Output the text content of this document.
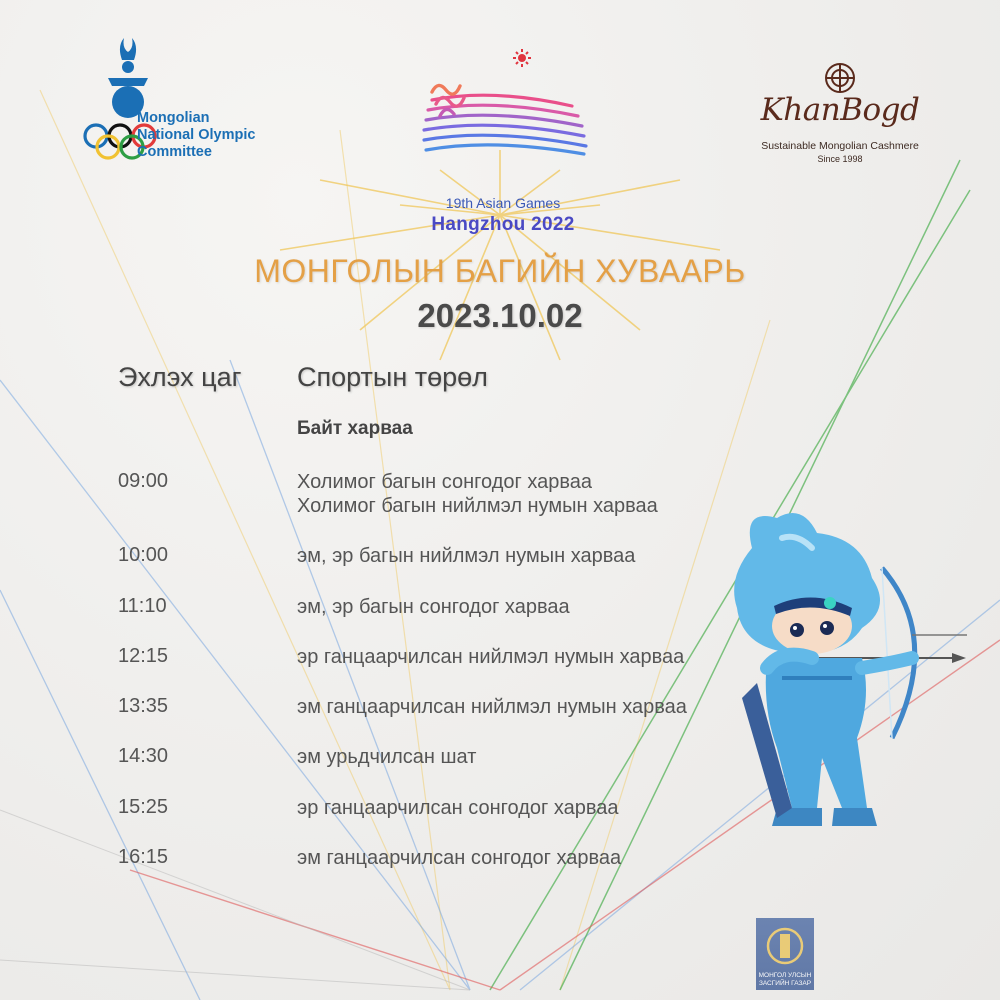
Mongolian
National Olympic
Committee
19th Asian Games
Hangzhou 2022
KhanBogd
Sustainable Mongolian Cashmere
Since 1998
МОНГОЛЫН БАГИЙН ХУВААРЬ
2023.10.02
Эхлэх цаг Спортын төрөл
Байт харваа
09:00	Холимог багын сонгодог харваа
Холимог багын нийлмэл нумын харваа
10:00	эм, эр багын нийлмэл нумын харваа
11:10	эм, эр багын сонгодог харваа
12:15	эр ганцаарчилсан нийлмэл нумын харваа
13:35	эм ганцаарчилсан нийлмэл нумын харваа
14:30	эм урьдчилсан шат
15:25	эр ганцаарчилсан сонгодог харваа
16:15	эм ганцаарчилсан сонгодог харваа
МОНГОЛ УЛСЫН
ЗАСГИЙН ГАЗАР
